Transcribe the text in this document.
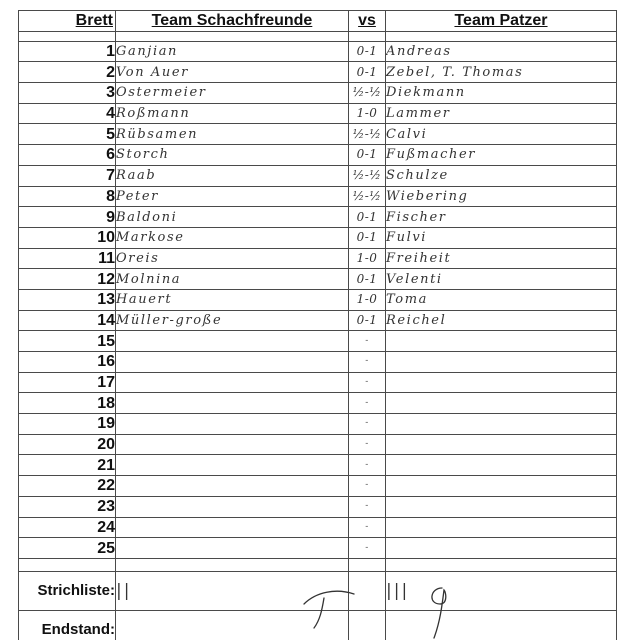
Brett	Team Schachfreunde	vs	Team Patzer

1	Ganjian	0-1	Andreas
2	Von Auer	0-1	Zebel, T. Thomas
3	Ostermeier	½-½	Diekmann
4	Roßmann	1-0	Lammer
5	Rübsamen	½-½	Calvi
6	Storch	0-1	Fußmacher
7	Raab	½-½	Schulze
8	Peter	½-½	Wiebering
9	Baldoni	0-1	Fischer
10	Markose	0-1	Fulvi
11	Oreis	1-0	Freiheit
12	Molnina	0-1	Velenti
13	Hauert	1-0	Toma
14	Müller-große	0-1	Reichel
15		-	
16		-	
17		-	
18		-	
19		-	
20		-	
21		-	
22		-	
23		-	
24		-	
25		-	

Strichliste:	||		|||
Endstand:			
